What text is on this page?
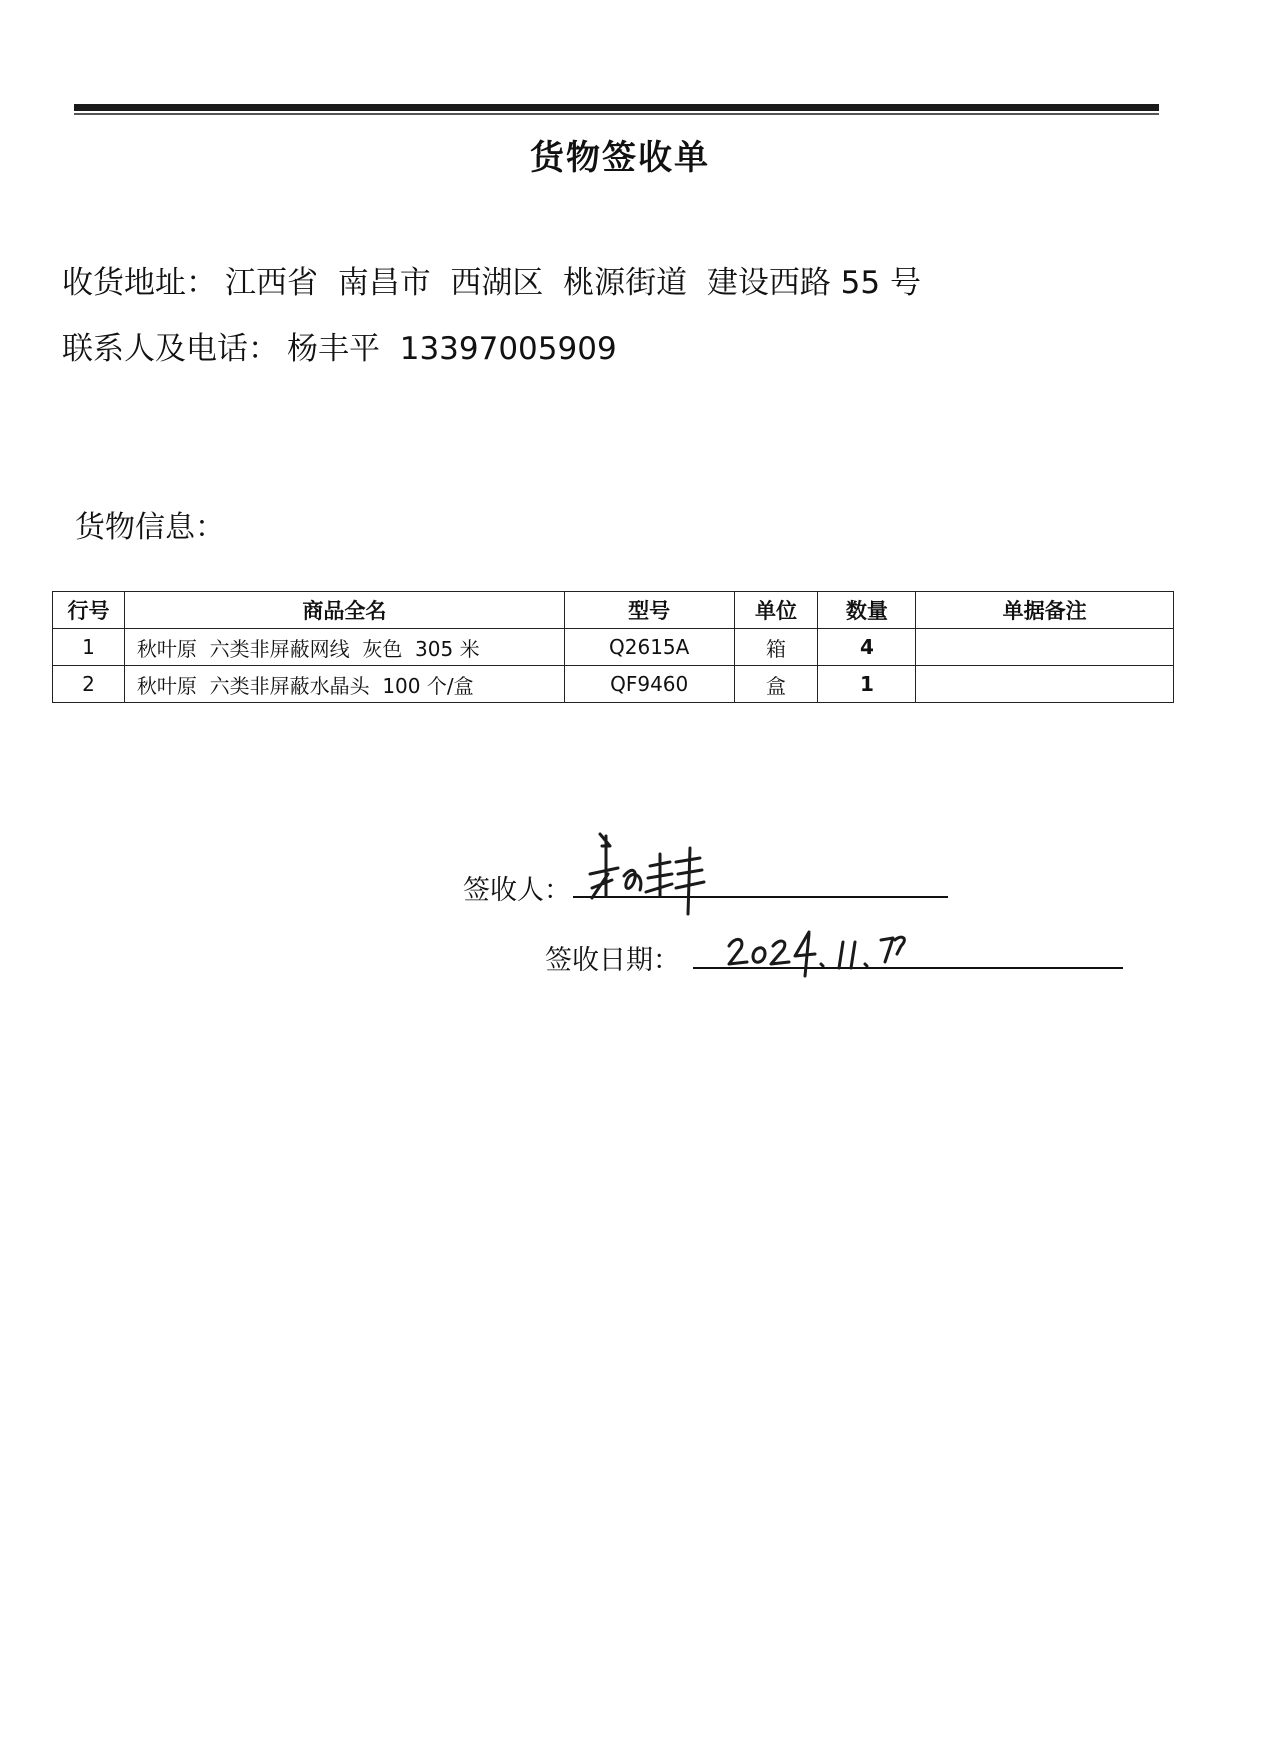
货物签收单
收货地址： 江西省  南昌市  西湖区  桃源街道  建设西路 55 号
联系人及电话： 杨丰平 13397005909
货物信息：
行号	商品全名	型号	单位	数量	单据备注
1	秋叶原  六类非屏蔽网线  灰色  305 米	Q2615A	箱	4	
2	秋叶原  六类非屏蔽水晶头  100 个/盒	QF9460	盒	1	
签收人：
签收日期：
